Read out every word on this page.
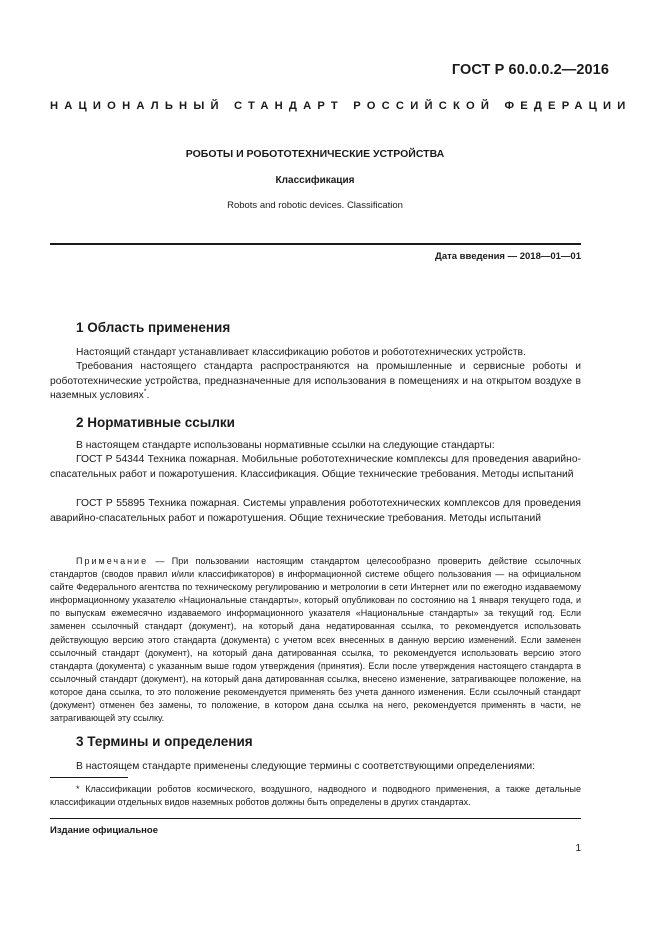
ГОСТ Р 60.0.0.2—2016
НАЦИОНАЛЬНЫЙ СТАНДАРТ РОССИЙСКОЙ ФЕДЕРАЦИИ
РОБОТЫ И РОБОТОТЕХНИЧЕСКИЕ УСТРОЙСТВА
Классификация
Robots and robotic devices. Classification
Дата введения — 2018—01—01
1 Область применения
Настоящий стандарт устанавливает классификацию роботов и робототехнических устройств.
Требования настоящего стандарта распространяются на промышленные и сервисные роботы и робототехнические устройства, предназначенные для использования в помещениях и на открытом воздухе в наземных условиях*.
2 Нормативные ссылки
В настоящем стандарте использованы нормативные ссылки на следующие стандарты:
ГОСТ Р 54344 Техника пожарная. Мобильные робототехнические комплексы для проведения аварийно-спасательных работ и пожаротушения. Классификация. Общие технические требования. Методы испытаний
ГОСТ Р 55895 Техника пожарная. Системы управления робототехнических комплексов для проведения аварийно-спасательных работ и пожаротушения. Общие технические требования. Методы испытаний
Примечание — При пользовании настоящим стандартом целесообразно проверить действие ссылочных стандартов (сводов правил и/или классификаторов) в информационной системе общего пользования — на официальном сайте Федерального агентства по техническому регулированию и метрологии в сети Интернет или по ежегодно издаваемому информационному указателю «Национальные стандарты», который опубликован по состоянию на 1 января текущего года, и по выпускам ежемесячно издаваемого информационного указателя «Национальные стандарты» за текущий год. Если заменен ссылочный стандарт (документ), на который дана недатированная ссылка, то рекомендуется использовать действующую версию этого стандарта (документа) с учетом всех внесенных в данную версию изменений. Если заменен ссылочный стандарт (документ), на который дана датированная ссылка, то рекомендуется использовать версию этого стандарта (документа) с указанным выше годом утверждения (принятия). Если после утверждения настоящего стандарта в ссылочный стандарт (документ), на который дана датированная ссылка, внесено изменение, затрагивающее положение, на которое дана ссылка, то это положение рекомендуется применять без учета данного изменения. Если ссылочный стандарт (документ) отменен без замены, то положение, в котором дана ссылка на него, рекомендуется применять в части, не затрагивающей эту ссылку.
3 Термины и определения
В настоящем стандарте применены следующие термины с соответствующими определениями:
* Классификации роботов космического, воздушного, надводного и подводного применения, а также детальные классификации отдельных видов наземных роботов должны быть определены в других стандартах.
Издание официальное
1
